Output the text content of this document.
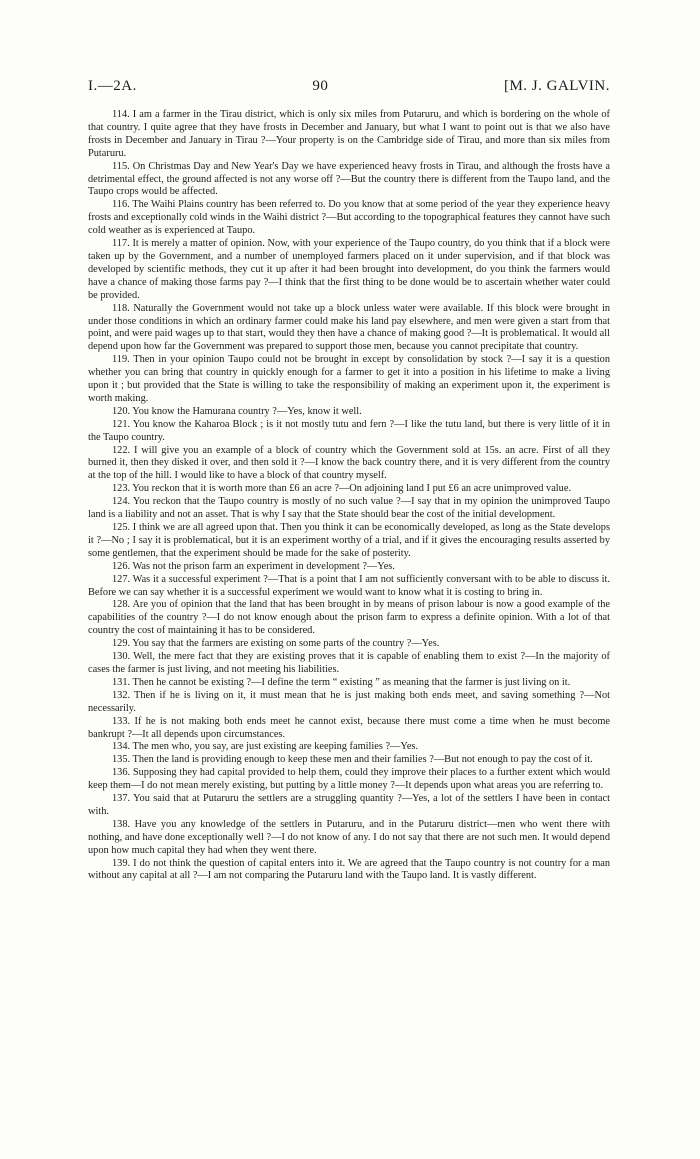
I.—2A.	90	[M. J. GALVIN.

114. I am a farmer in the Tirau district, which is only six miles from Putaruru, and which is bordering on the whole of that country. I quite agree that they have frosts in December and January, but what I want to point out is that we also have frosts in December and January in Tirau ?—Your property is on the Cambridge side of Tirau, and more than six miles from Putaruru.

115. On Christmas Day and New Year's Day we have experienced heavy frosts in Tirau, and although the frosts have a detrimental effect, the ground affected is not any worse off ?—But the country there is different from the Taupo land, and the Taupo crops would be affected.

116. The Waihi Plains country has been referred to. Do you know that at some period of the year they experience heavy frosts and exceptionally cold winds in the Waihi district ?—But according to the topographical features they cannot have such cold weather as is experienced at Taupo.

117. It is merely a matter of opinion. Now, with your experience of the Taupo country, do you think that if a block were taken up by the Government, and a number of unemployed farmers placed on it under supervision, and if that block was developed by scientific methods, they cut it up after it had been brought into development, do you think the farmers would have a chance of making those farms pay ?—I think that the first thing to be done would be to ascertain whether water could be provided.

118. Naturally the Government would not take up a block unless water were available. If this block were brought in under those conditions in which an ordinary farmer could make his land pay elsewhere, and men were given a start from that point, and were paid wages up to that start, would they then have a chance of making good ?—It is problematical. It would all depend upon how far the Government was prepared to support those men, because you cannot precipitate that country.

119. Then in your opinion Taupo could not be brought in except by consolidation by stock ?—I say it is a question whether you can bring that country in quickly enough for a farmer to get it into a position in his lifetime to make a living upon it ; but provided that the State is willing to take the responsibility of making an experiment upon it, the experiment is worth making.

120. You know the Hamurana country ?—Yes, know it well.

121. You know the Kaharoa Block ; is it not mostly tutu and fern ?—I like the tutu land, but there is very little of it in the Taupo country.

122. I will give you an example of a block of country which the Government sold at 15s. an acre. First of all they burned it, then they disked it over, and then sold it ?—I know the back country there, and it is very different from the country at the top of the hill. I would like to have a block of that country myself.

123. You reckon that it is worth more than £6 an acre ?—On adjoining land I put £6 an acre unimproved value.

124. You reckon that the Taupo country is mostly of no such value ?—I say that in my opinion the unimproved Taupo land is a liability and not an asset. That is why I say that the State should bear the cost of the initial development.

125. I think we are all agreed upon that. Then you think it can be economically developed, as long as the State develops it ?—No ; I say it is problematical, but it is an experiment worthy of a trial, and if it gives the encouraging results asserted by some gentlemen, that the experiment should be made for the sake of posterity.

126. Was not the prison farm an experiment in development ?—Yes.

127. Was it a successful experiment ?—That is a point that I am not sufficiently conversant with to be able to discuss it. Before we can say whether it is a successful experiment we would want to know what it is costing to bring in.

128. Are you of opinion that the land that has been brought in by means of prison labour is now a good example of the capabilities of the country ?—I do not know enough about the prison farm to express a definite opinion. With a lot of that country the cost of maintaining it has to be considered.

129. You say that the farmers are existing on some parts of the country ?—Yes.

130. Well, the mere fact that they are existing proves that it is capable of enabling them to exist ?—In the majority of cases the farmer is just living, and not meeting his liabilities.

131. Then he cannot be existing ?—I define the term “ existing ” as meaning that the farmer is just living on it.

132. Then if he is living on it, it must mean that he is just making both ends meet, and saving something ?—Not necessarily.

133. If he is not making both ends meet he cannot exist, because there must come a time when he must become bankrupt ?—It all depends upon circumstances.

134. The men who, you say, are just existing are keeping families ?—Yes.

135. Then the land is providing enough to keep these men and their families ?—But not enough to pay the cost of it.

136. Supposing they had capital provided to help them, could they improve their places to a further extent which would keep them—I do not mean merely existing, but putting by a little money ?—It depends upon what areas you are referring to.

137. You said that at Putaruru the settlers are a struggling quantity ?—Yes, a lot of the settlers I have been in contact with.

138. Have you any knowledge of the settlers in Putaruru, and in the Putaruru district—men who went there with nothing, and have done exceptionally well ?—I do not know of any. I do not say that there are not such men. It would depend upon how much capital they had when they went there.

139. I do not think the question of capital enters into it. We are agreed that the Taupo country is not country for a man without any capital at all ?—I am not comparing the Putaruru land with the Taupo land. It is vastly different.
